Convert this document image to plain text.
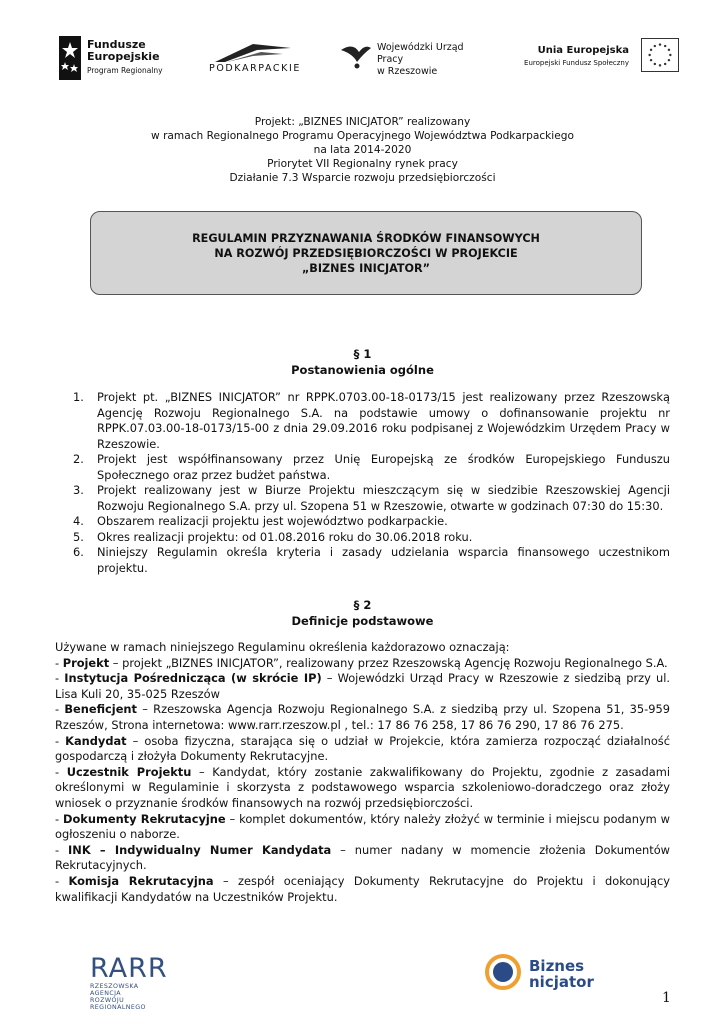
Fundusze
Europejskie
Program Regionalny	PODKARPACKIE
Wojewódzki Urząd Pracy
w Rzeszowie
Unia Europejska
Europejski Fundusz Społeczny
Projekt: „BIZNES INICJATOR” realizowany
w ramach Regionalnego Programu Operacyjnego Województwa Podkarpackiego
na lata 2014-2020
Priorytet VII Regionalny rynek pracy
Działanie 7.3 Wsparcie rozwoju przedsiębiorczości
REGULAMIN PRZYZNAWANIA ŚRODKÓW FINANSOWYCH
NA ROZWÓJ PRZEDSIĘBIORCZOŚCI W PROJEKCIE
„BIZNES INICJATOR”
§ 1
Postanowienia ogólne
1. Projekt pt. „BIZNES INICJATOR” nr RPPK.0703.00-18-0173/15 jest realizowany przez Rzeszowską Agencję Rozwoju Regionalnego S.A. na podstawie umowy o dofinansowanie projektu nr RPPK.07.03.00-18-0173/15-00 z dnia 29.09.2016 roku podpisanej z Wojewódzkim Urzędem Pracy w Rzeszowie.
2. Projekt jest współfinansowany przez Unię Europejską ze środków Europejskiego Funduszu Społecznego oraz przez budżet państwa.
3. Projekt realizowany jest w Biurze Projektu mieszczącym się w siedzibie Rzeszowskiej Agencji Rozwoju Regionalnego S.A. przy ul. Szopena 51 w Rzeszowie, otwarte w godzinach 07:30 do 15:30.
4. Obszarem realizacji projektu jest województwo podkarpackie.
5. Okres realizacji projektu: od 01.08.2016 roku do 30.06.2018 roku.
6. Niniejszy Regulamin określa kryteria i zasady udzielania wsparcia finansowego uczestnikom projektu.
§ 2
Definicje podstawowe

Używane w ramach niniejszego Regulaminu określenia każdorazowo oznaczają:

- Projekt – projekt „BIZNES INICJATOR”, realizowany przez Rzeszowską Agencję Rozwoju Regionalnego S.A.

- Instytucja Pośrednicząca (w skrócie IP) – Wojewódzki Urząd Pracy w Rzeszowie z siedzibą przy ul. Lisa Kuli 20, 35-025 Rzeszów

- Beneficjent – Rzeszowska Agencja Rozwoju Regionalnego S.A. z siedzibą przy ul. Szopena 51, 35-959 Rzeszów, Strona internetowa: www.rarr.rzeszow.pl , tel.: 17 86 76 258, 17 86 76 290, 17 86 76 275.

- Kandydat – osoba fizyczna, starająca się o udział w Projekcie, która zamierza rozpocząć działalność gospodarczą i złożyła Dokumenty Rekrutacyjne.

- Uczestnik Projektu – Kandydat, który zostanie zakwalifikowany do Projektu, zgodnie z zasadami określonymi w Regulaminie i skorzysta z podstawowego wsparcia szkoleniowo-doradczego oraz złoży wniosek o przyznanie środków finansowych na rozwój przedsiębiorczości.

- Dokumenty Rekrutacyjne – komplet dokumentów, który należy złożyć w terminie i miejscu podanym w ogłoszeniu o naborze.

- INK – Indywidualny Numer Kandydata – numer nadany w momencie złożenia Dokumentów Rekrutacyjnych.

- Komisja Rekrutacyjna – zespół oceniający Dokumenty Rekrutacyjne do Projektu i dokonujący kwalifikacji Kandydatów na Uczestników Projektu.

RARR
RZESZOWSKA AGENCJA
ROZWOJU REGIONALNEGO
Biznes
nicjator
1
